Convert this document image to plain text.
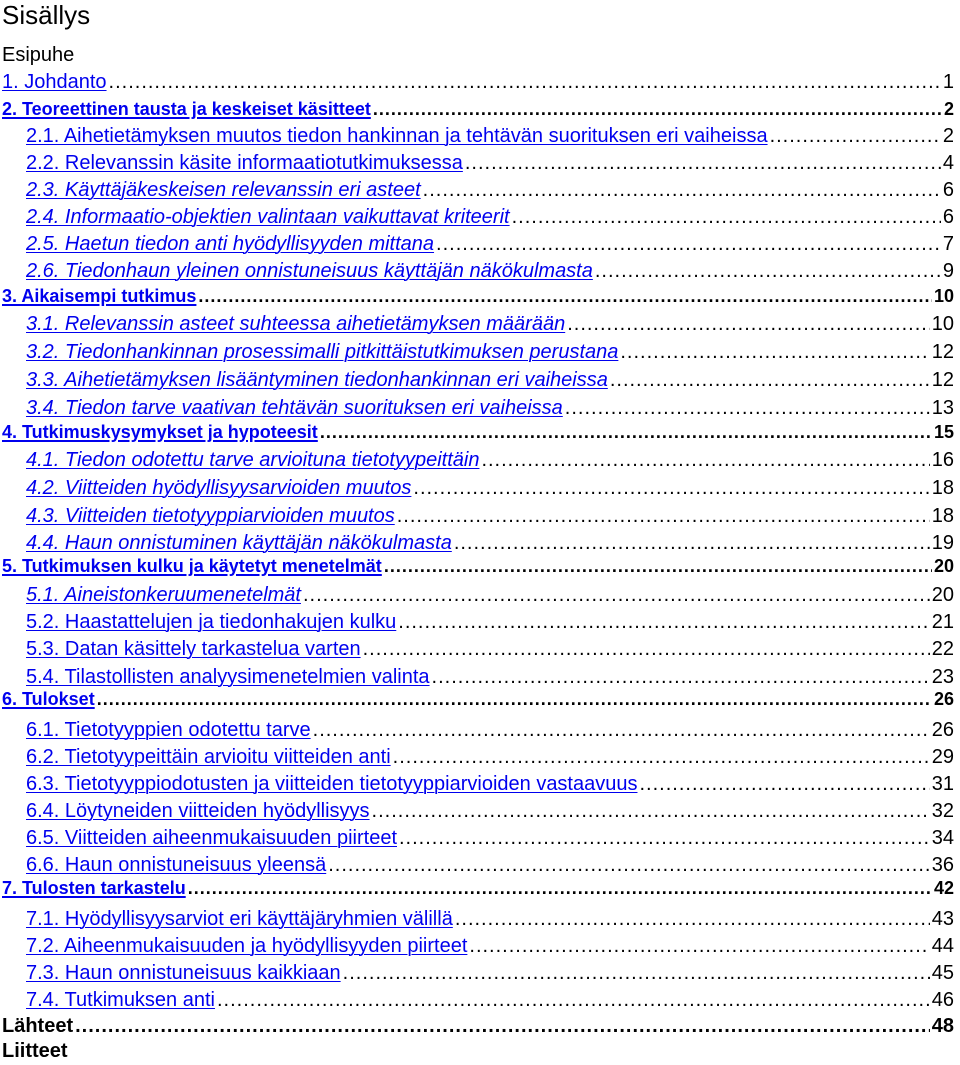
Sisällys
Esipuhe
1. Johdanto .....	1
2. Teoreettinen tausta ja keskeiset käsitteet .....	2
2.1. Aihetietämyksen muutos tiedon hankinnan ja tehtävän suorituksen eri vaiheissa .....	2
2.2. Relevanssin käsite informaatiotutkimuksessa .....	4
2.3. Käyttäjäkeskeisen relevanssin eri asteet .....	6
2.4. Informaatio-objektien valintaan vaikuttavat kriteerit .....	6
2.5. Haetun tiedon anti hyödyllisyyden mittana .....	7
2.6. Tiedonhaun yleinen onnistuneisuus käyttäjän näkökulmasta .....	9
3. Aikaisempi tutkimus .....	10
3.1. Relevanssin asteet suhteessa aihetietämyksen määrään .....	10
3.2. Tiedonhankinnan prosessimalli pitkittäistutkimuksen perustana .....	12
3.3. Aihetietämyksen lisääntyminen tiedonhankinnan eri vaiheissa .....	12
3.4. Tiedon tarve vaativan tehtävän suorituksen eri vaiheissa .....	13
4. Tutkimuskysymykset ja hypoteesit .....	15
4.1. Tiedon odotettu tarve arvioituna tietotyypeittäin .....	16
4.2. Viitteiden hyödyllisyysarvioiden muutos .....	18
4.3. Viitteiden tietotyyppiarvioiden muutos .....	18
4.4. Haun onnistuminen käyttäjän näkökulmasta .....	19
5. Tutkimuksen kulku ja käytetyt menetelmät .....	20
5.1. Aineistonkeruumenetelmät .....	20
5.2. Haastattelujen ja tiedonhakujen kulku .....	21
5.3. Datan käsittely tarkastelua varten .....	22
5.4. Tilastollisten analyysimenetelmien valinta .....	23
6. Tulokset .....	26
6.1. Tietotyyppien odotettu tarve .....	26
6.2. Tietotyypeittäin arvioitu viitteiden anti .....	29
6.3. Tietotyyppiodotusten ja viitteiden tietotyyppiarvioiden vastaavuus .....	31
6.4. Löytyneiden viitteiden hyödyllisyys .....	32
6.5. Viitteiden aiheenmukaisuuden piirteet .....	34
6.6. Haun onnistuneisuus yleensä .....	36
7. Tulosten tarkastelu .....	42
7.1. Hyödyllisyysarviot eri käyttäjäryhmien välillä .....	43
7.2. Aiheenmukaisuuden ja hyödyllisyyden piirteet .....	44
7.3. Haun onnistuneisuus kaikkiaan .....	45
7.4. Tutkimuksen anti .....	46
Lähteet .....	48
Liitteet
